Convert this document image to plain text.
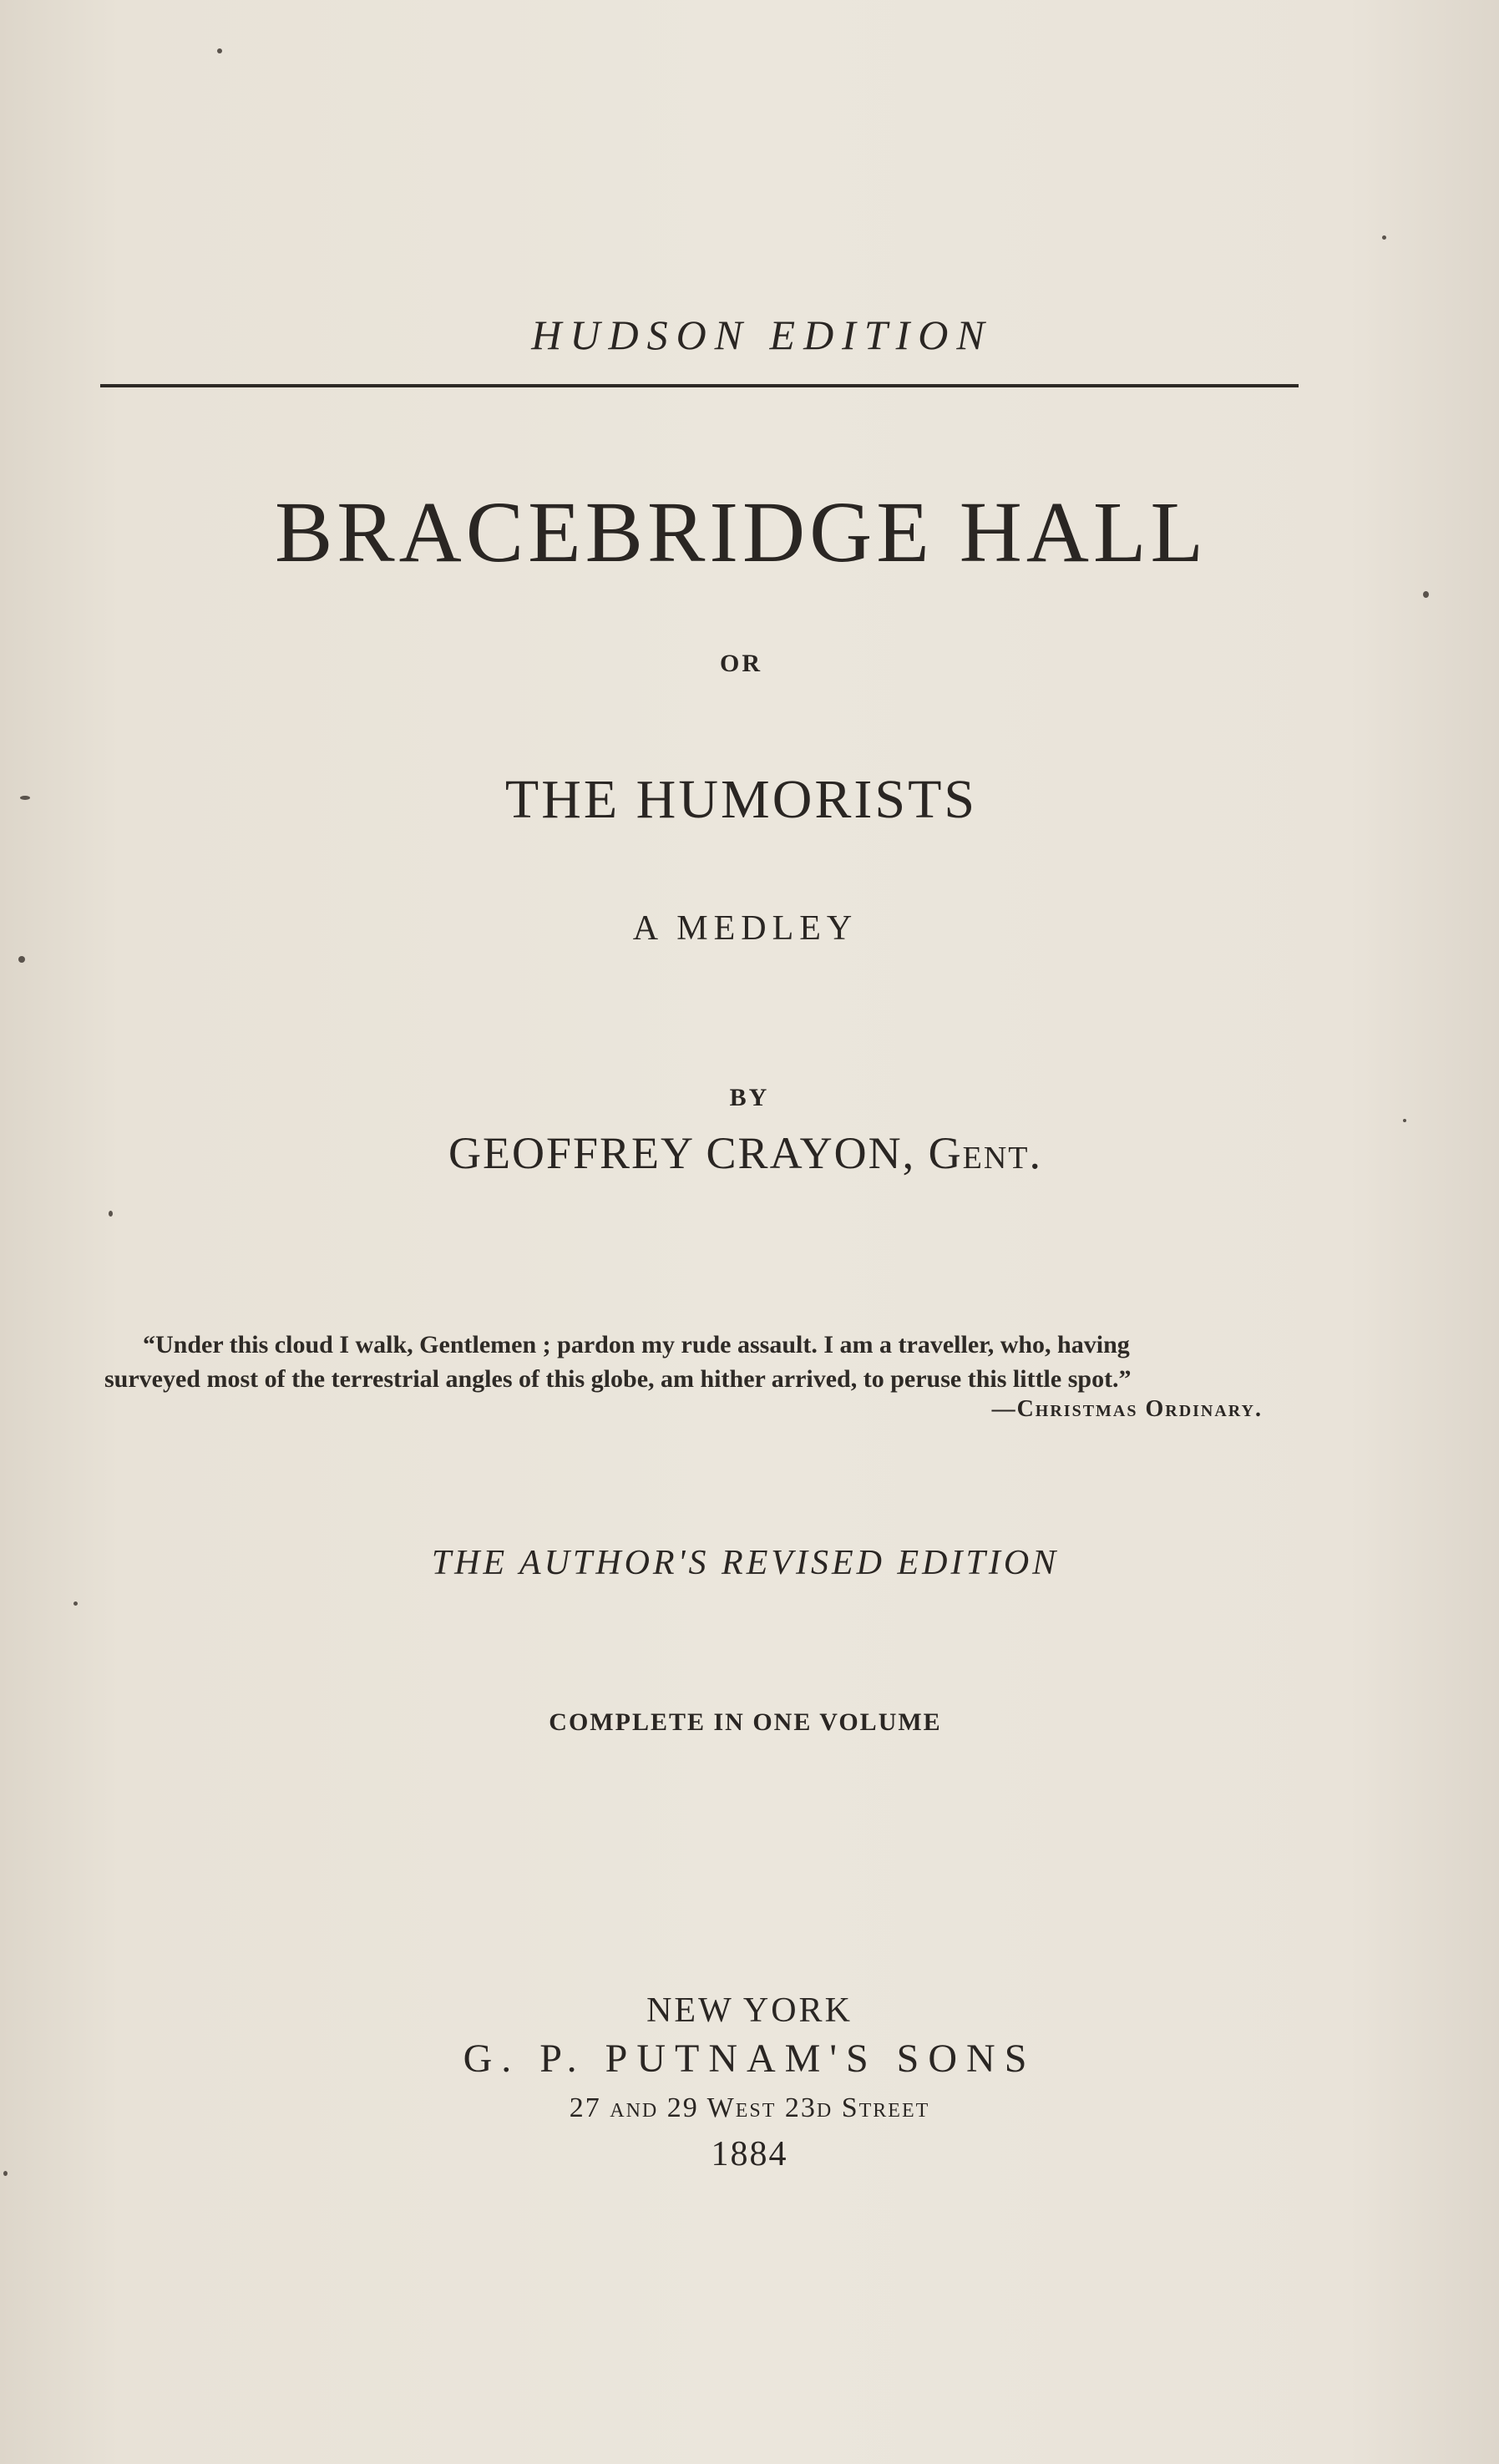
HUDSON EDITION
BRACEBRIDGE HALL
OR
THE HUMORISTS
A MEDLEY
BY
GEOFFREY CRAYON, Gent.
“Under this cloud I walk, Gentlemen ; pardon my rude assault. I am a traveller, who, having
surveyed most of the terrestrial angles of this globe, am hither arrived, to peruse this little spot.”
—Christmas Ordinary.
THE AUTHOR'S REVISED EDITION
COMPLETE IN ONE VOLUME
NEW YORK
G. P. PUTNAM'S SONS
27 and 29 West 23d Street
1884
